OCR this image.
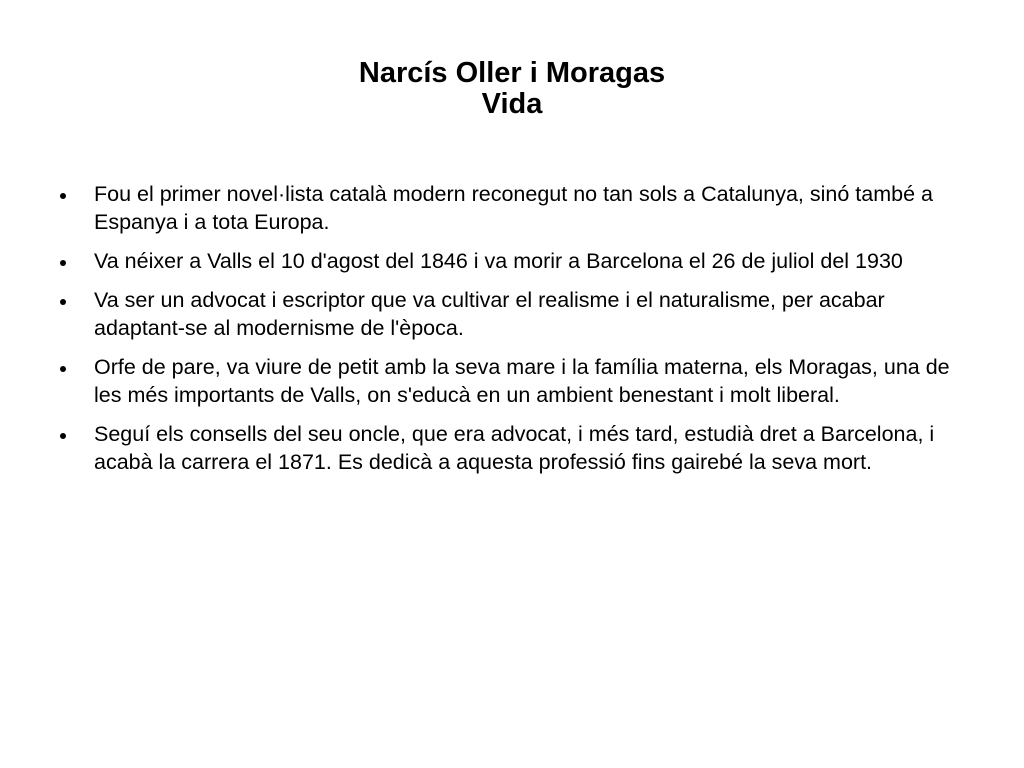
Narcís Oller i Moragas
Vida
Fou el primer novel·lista català modern reconegut no tan sols a Catalunya, sinó també a Espanya i a tota Europa.
Va néixer a Valls el 10 d'agost del 1846 i va morir a Barcelona el 26 de juliol del 1930
Va ser un advocat i escriptor que va cultivar el realisme i el naturalisme, per acabar adaptant-se al modernisme de l'època.
Orfe de pare, va viure de petit amb la seva mare i la família materna, els Moragas, una de les més importants de Valls, on s'educà en un ambient benestant i molt liberal.
Seguí els consells del seu oncle, que era advocat, i més tard, estudià dret a Barcelona, i acabà la carrera el 1871. Es dedicà a aquesta professió fins gairebé la seva mort.
